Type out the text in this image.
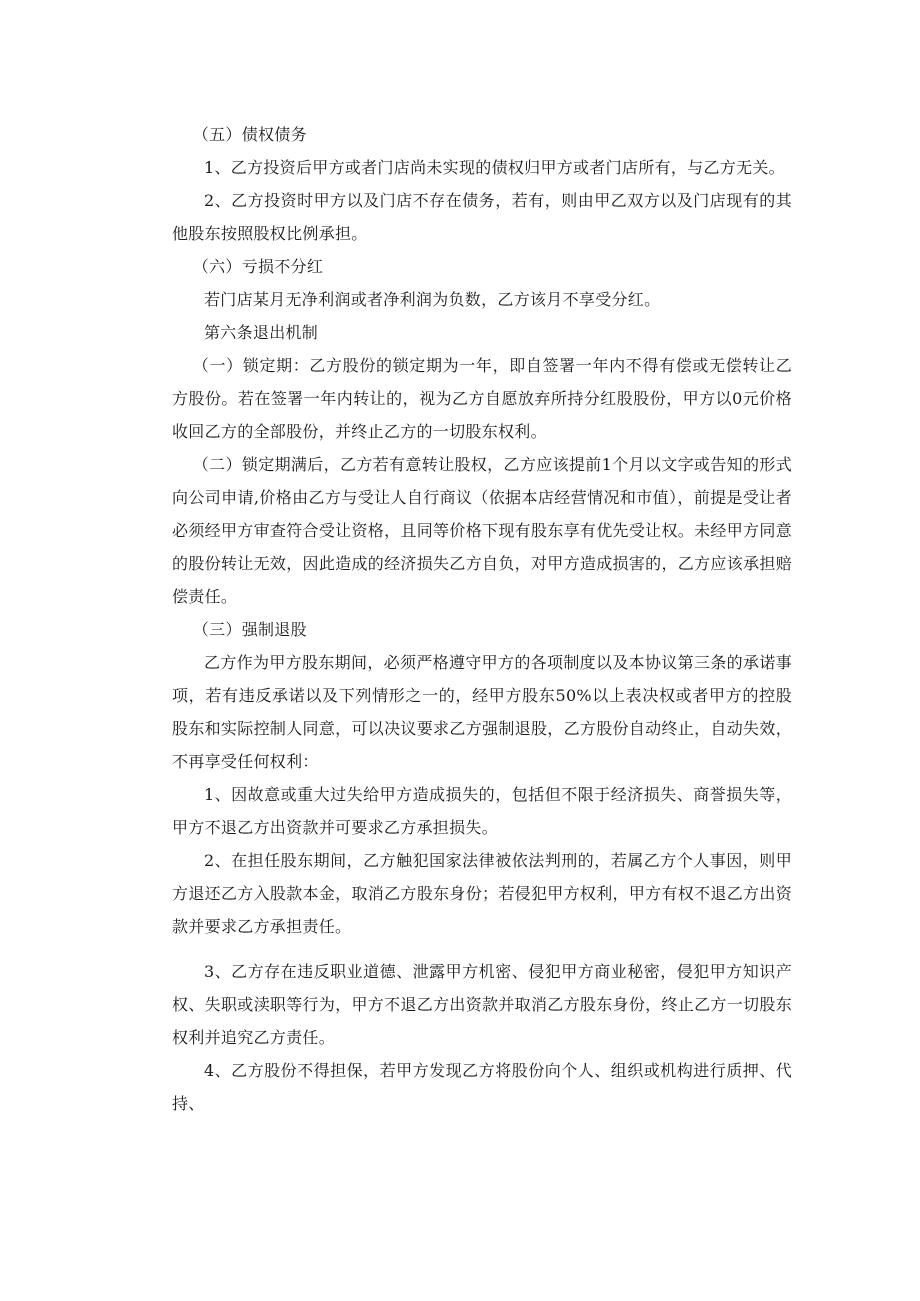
（五）债权债务

1、乙方投资后甲方或者门店尚未实现的债权归甲方或者门店所有，与乙方无关。

2、乙方投资时甲方以及门店不存在债务，若有，则由甲乙双方以及门店现有的其他股东按照股权比例承担。

（六）亏损不分红

若门店某月无净利润或者净利润为负数，乙方该月不享受分红。

第六条退出机制

（一）锁定期：乙方股份的锁定期为一年，即自签署一年内不得有偿或无偿转让乙方股份。若在签署一年内转让的，视为乙方自愿放弃所持分红股股份，甲方以0元价格收回乙方的全部股份，并终止乙方的一切股东权利。

（二）锁定期满后，乙方若有意转让股权，乙方应该提前1个月以文字或告知的形式向公司申请,价格由乙方与受让人自行商议（依据本店经营情况和市值），前提是受让者必须经甲方审查符合受让资格，且同等价格下现有股东享有优先受让权。未经甲方同意的股份转让无效，因此造成的经济损失乙方自负，对甲方造成损害的，乙方应该承担赔偿责任。

（三）强制退股

乙方作为甲方股东期间，必须严格遵守甲方的各项制度以及本协议第三条的承诺事项，若有违反承诺以及下列情形之一的，经甲方股东50%以上表决权或者甲方的控股股东和实际控制人同意，可以决议要求乙方强制退股，乙方股份自动终止，自动失效，不再享受任何权利：

1、因故意或重大过失给甲方造成损失的，包括但不限于经济损失、商誉损失等，甲方不退乙方出资款并可要求乙方承担损失。

2、在担任股东期间，乙方触犯国家法律被依法判刑的，若属乙方个人事因，则甲方退还乙方入股款本金，取消乙方股东身份；若侵犯甲方权利，甲方有权不退乙方出资款并要求乙方承担责任。

3、乙方存在违反职业道德、泄露甲方机密、侵犯甲方商业秘密，侵犯甲方知识产权、失职或渎职等行为，甲方不退乙方出资款并取消乙方股东身份，终止乙方一切股东权利并追究乙方责任。

4、乙方股份不得担保，若甲方发现乙方将股份向个人、组织或机构进行质押、代持、
